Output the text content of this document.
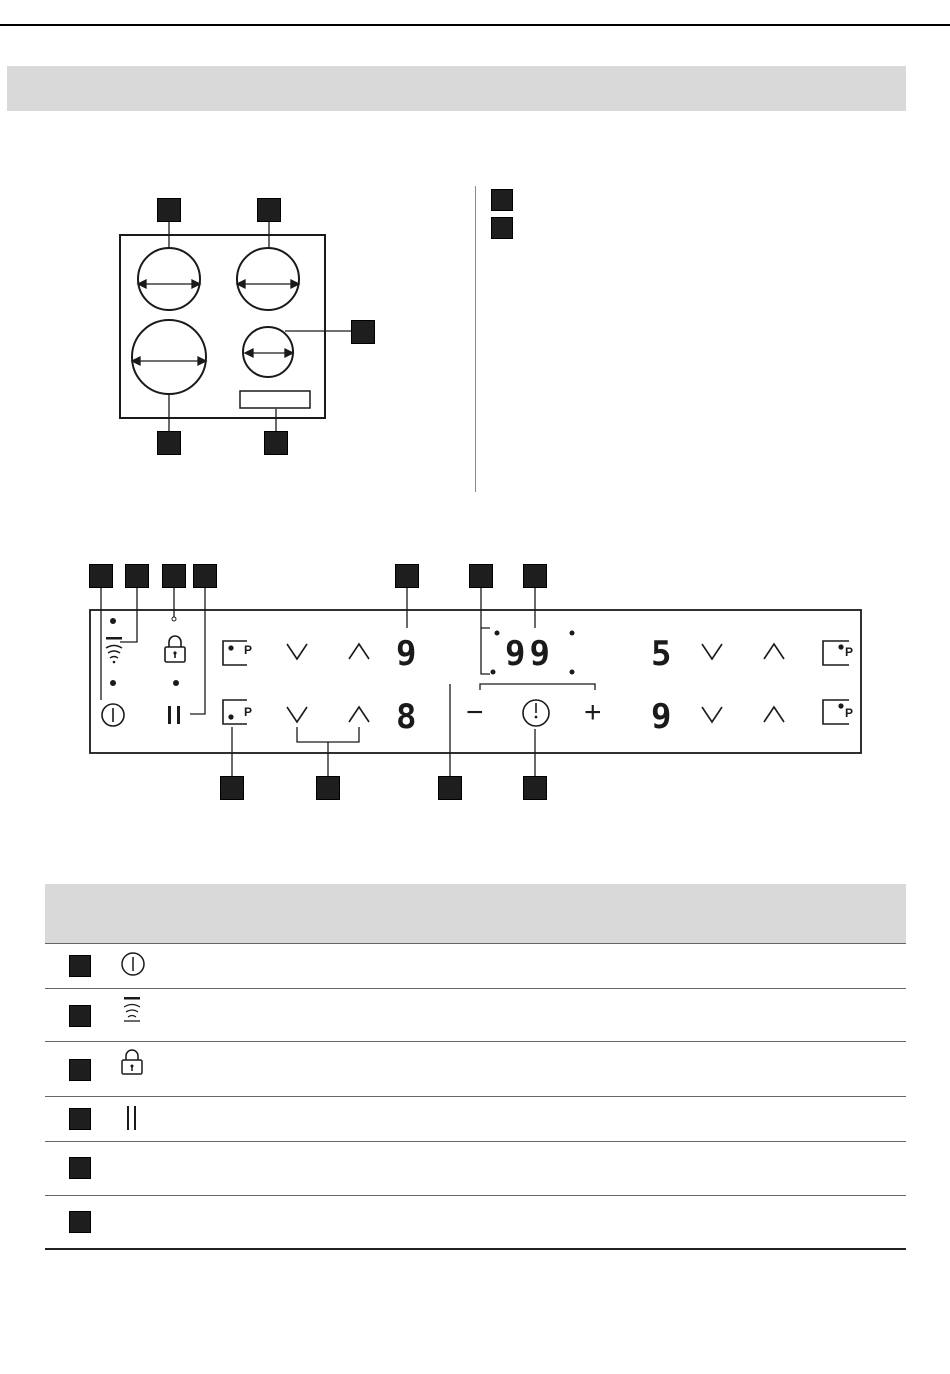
9
8
99	5
9
−	+
P
P
P
P
